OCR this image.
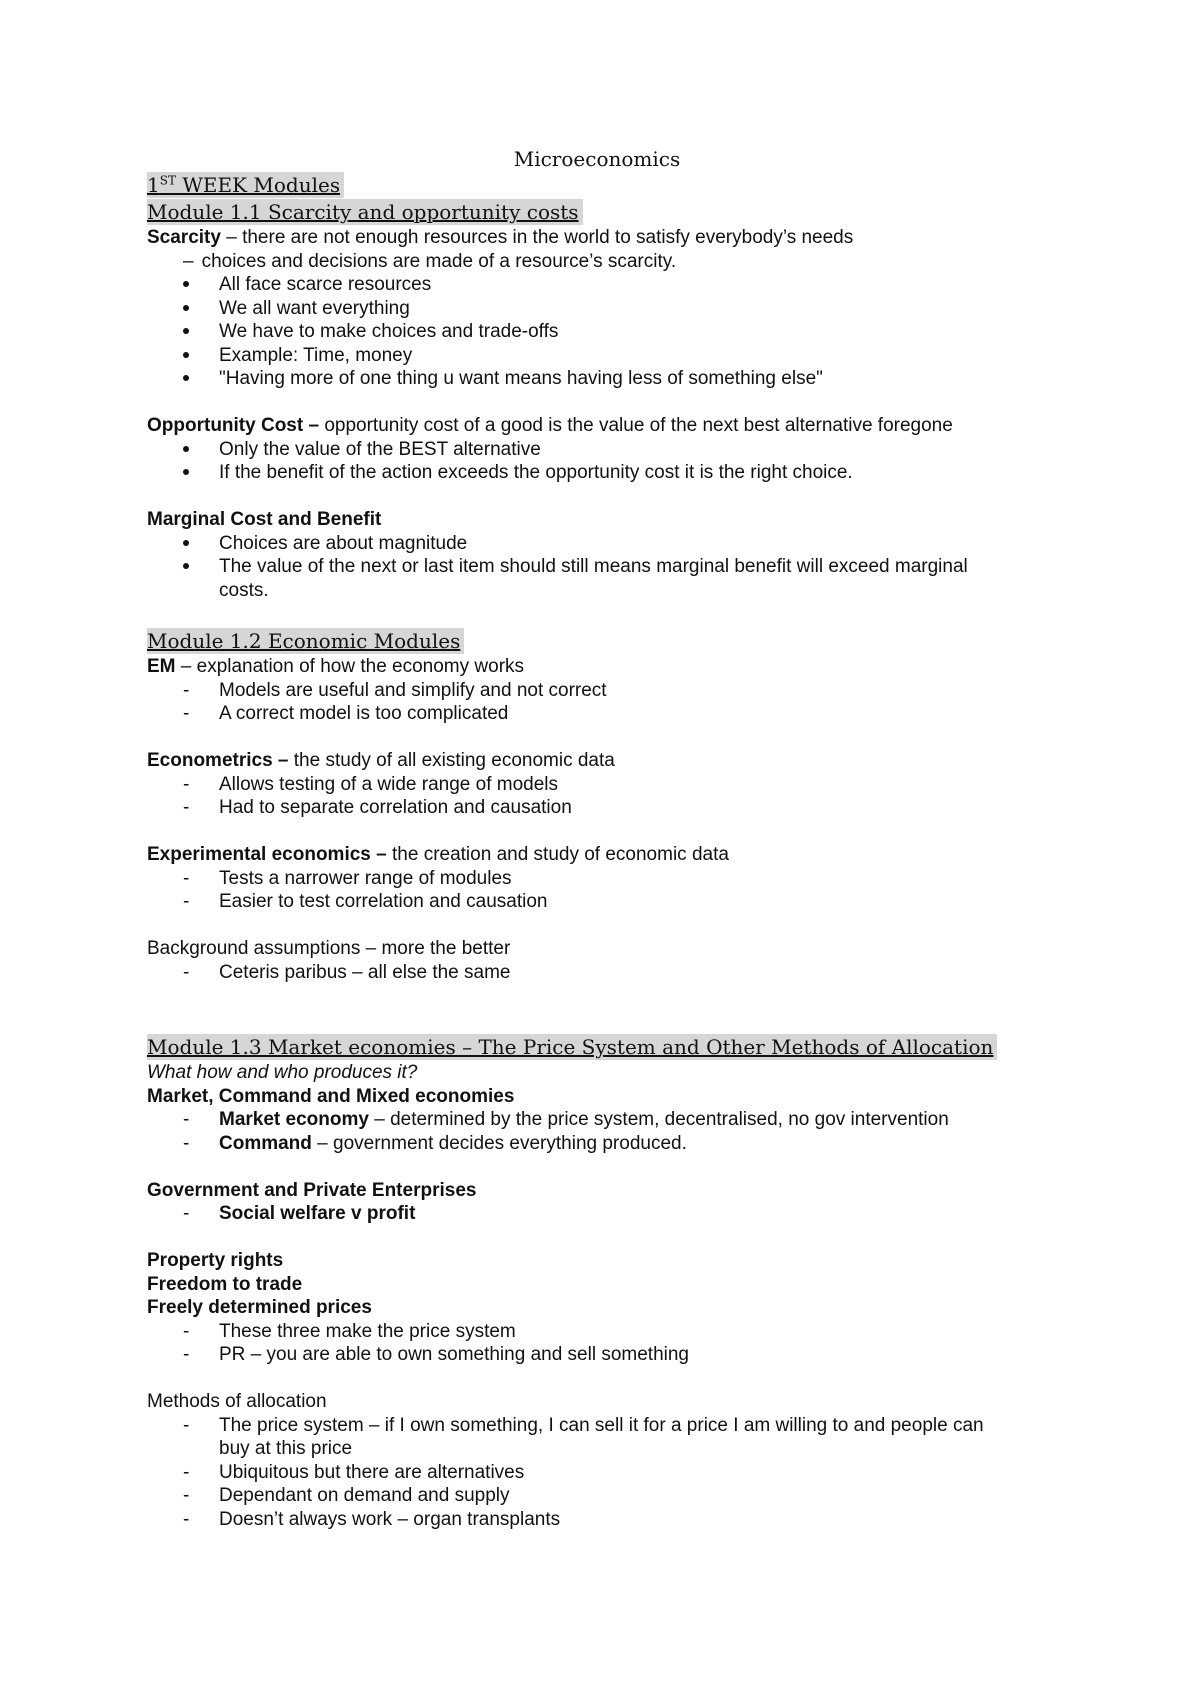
Microeconomics
1ST WEEK Modules
Module 1.1 Scarcity and opportunity costs
Scarcity – there are not enough resources in the world to satisfy everybody’s needs
– choices and decisions are made of a resource’s scarcity.
All face scarce resources
We all want everything
We have to make choices and trade-offs
Example: Time, money
"Having more of one thing u want means having less of something else"
Opportunity Cost – opportunity cost of a good is the value of the next best alternative foregone
Only the value of the BEST alternative
If the benefit of the action exceeds the opportunity cost it is the right choice.
Marginal Cost and Benefit
Choices are about magnitude
The value of the next or last item should still means marginal benefit will exceed marginal
costs.
Module 1.2 Economic Modules
EM – explanation of how the economy works
-	Models are useful and simplify and not correct
-	A correct model is too complicated
Econometrics – the study of all existing economic data
-	Allows testing of a wide range of models
-	Had to separate correlation and causation
Experimental economics – the creation and study of economic data
-	Tests a narrower range of modules
-	Easier to test correlation and causation
Background assumptions – more the better
-	Ceteris paribus – all else the same
Module 1.3 Market economies – The Price System and Other Methods of Allocation
What how and who produces it?
Market, Command and Mixed economies
-	Market economy – determined by the price system, decentralised, no gov intervention
-	Command – government decides everything produced.
Government and Private Enterprises
-	Social welfare v profit
Property rights
Freedom to trade
Freely determined prices
-	These three make the price system
-	PR – you are able to own something and sell something
Methods of allocation
-	The price system – if I own something, I can sell it for a price I am willing to and people can
buy at this price
-	Ubiquitous but there are alternatives
-	Dependant on demand and supply
-	Doesn’t always work – organ transplants
